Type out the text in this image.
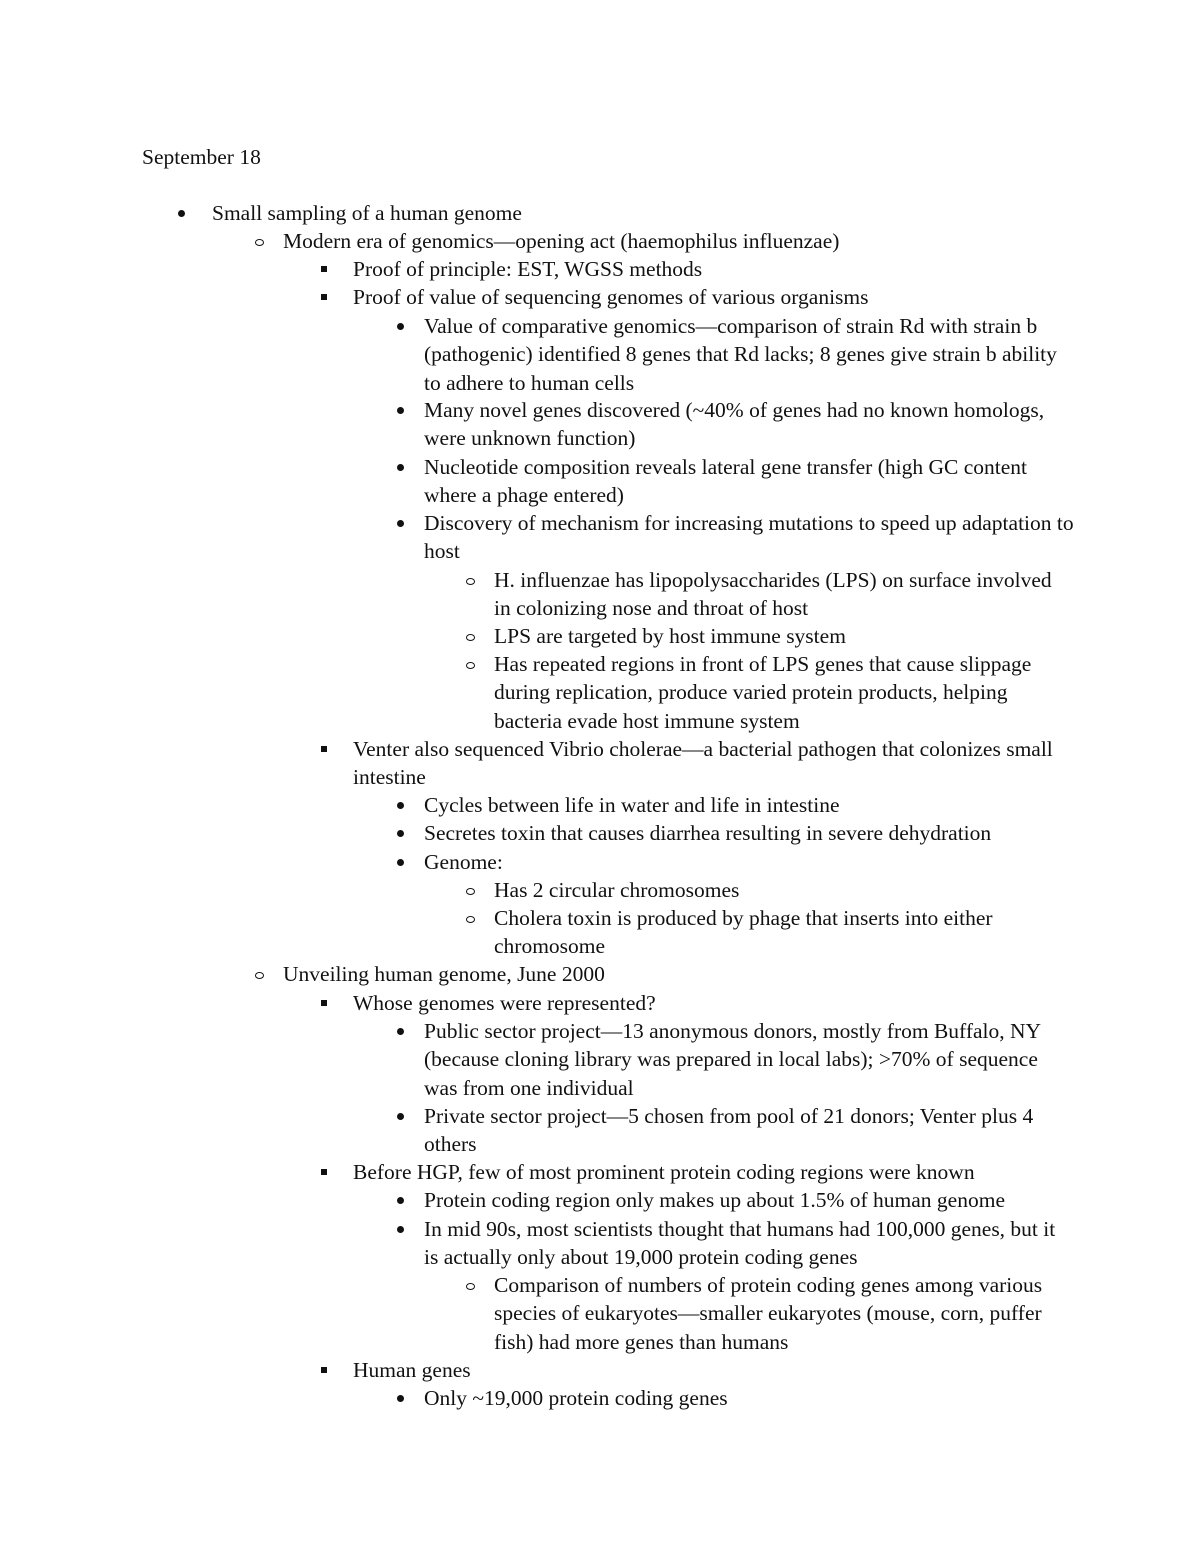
September 18
Small sampling of a human genome
Modern era of genomics—opening act (haemophilus influenzae)
Proof of principle: EST, WGSS methods
Proof of value of sequencing genomes of various organisms
Value of comparative genomics—comparison of strain Rd with strain b (pathogenic) identified 8 genes that Rd lacks; 8 genes give strain b ability to adhere to human cells
Many novel genes discovered (~40% of genes had no known homologs, were unknown function)
Nucleotide composition reveals lateral gene transfer (high GC content where a phage entered)
Discovery of mechanism for increasing mutations to speed up adaptation to host
H. influenzae has lipopolysaccharides (LPS) on surface involved in colonizing nose and throat of host
LPS are targeted by host immune system
Has repeated regions in front of LPS genes that cause slippage during replication, produce varied protein products, helping bacteria evade host immune system
Venter also sequenced Vibrio cholerae—a bacterial pathogen that colonizes small intestine
Cycles between life in water and life in intestine
Secretes toxin that causes diarrhea resulting in severe dehydration
Genome:
Has 2 circular chromosomes
Cholera toxin is produced by phage that inserts into either chromosome
Unveiling human genome, June 2000
Whose genomes were represented?
Public sector project—13 anonymous donors, mostly from Buffalo, NY (because cloning library was prepared in local labs); >70% of sequence was from one individual
Private sector project—5 chosen from pool of 21 donors; Venter plus 4 others
Before HGP, few of most prominent protein coding regions were known
Protein coding region only makes up about 1.5% of human genome
In mid 90s, most scientists thought that humans had 100,000 genes, but it is actually only about 19,000 protein coding genes
Comparison of numbers of protein coding genes among various species of eukaryotes—smaller eukaryotes (mouse, corn, puffer fish) had more genes than humans
Human genes
Only ~19,000 protein coding genes
